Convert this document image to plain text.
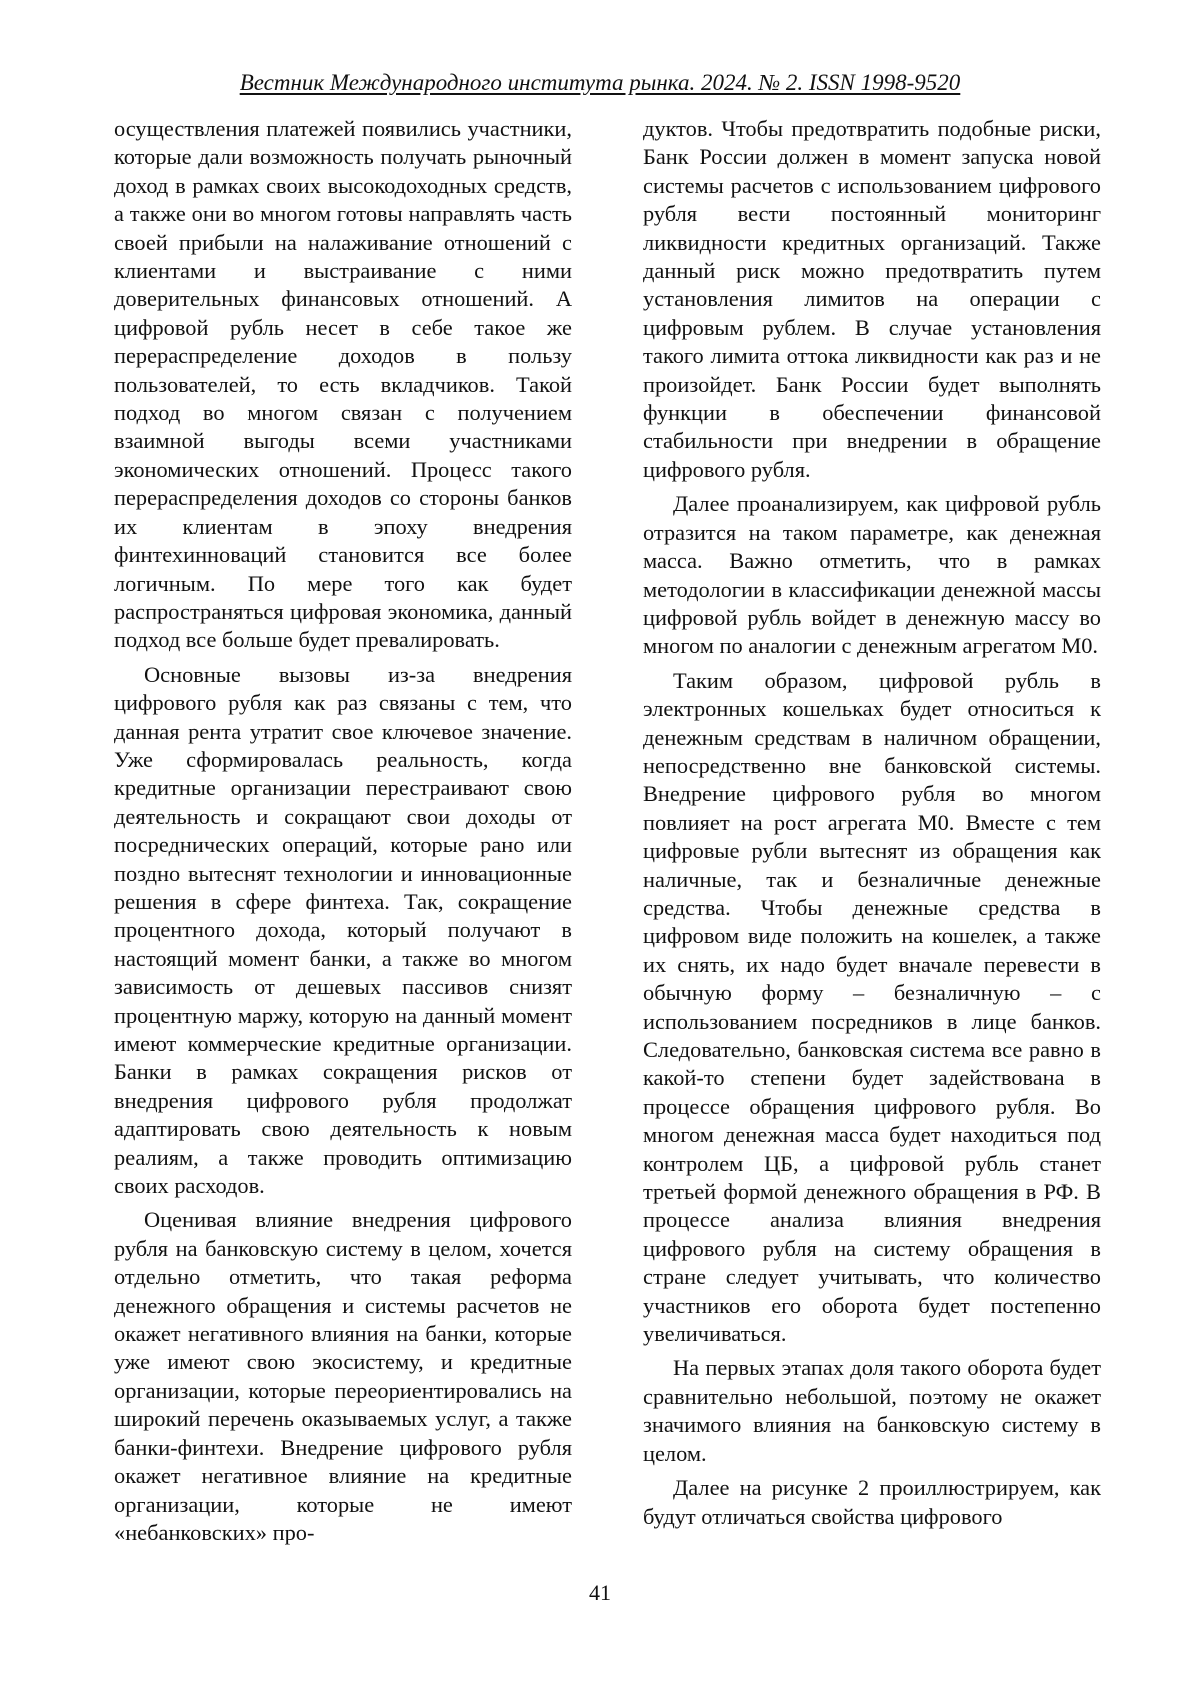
Вестник Международного института рынка. 2024. № 2. ISSN 1998-9520

осуществления платежей появились участники, которые дали возможность получать рыночный доход в рамках своих высокодоходных средств, а также они во многом готовы направлять часть своей прибыли на налаживание отношений с клиентами и выстраивание с ними доверительных финансовых отношений. А цифровой рубль несет в себе такое же перераспределение доходов в пользу пользователей, то есть вкладчиков. Такой подход во многом связан с получением взаимной выгоды всеми участниками экономических отношений. Процесс такого перераспределения доходов со стороны банков их клиентам в эпоху внедрения финтехинноваций становится все более логичным. По мере того как будет распространяться цифровая экономика, данный подход все больше будет превалировать.

Основные вызовы из-за внедрения цифрового рубля как раз связаны с тем, что данная рента утратит свое ключевое значение. Уже сформировалась реальность, когда кредитные организации перестраивают свою деятельность и сокращают свои доходы от посреднических операций, которые рано или поздно вытеснят технологии и инновационные решения в сфере финтеха. Так, сокращение процентного дохода, который получают в настоящий момент банки, а также во многом зависимость от дешевых пассивов снизят процентную маржу, которую на данный момент имеют коммерческие кредитные организации. Банки в рамках сокращения рисков от внедрения цифрового рубля продолжат адаптировать свою деятельность к новым реалиям, а также проводить оптимизацию своих расходов.

Оценивая влияние внедрения цифрового рубля на банковскую систему в целом, хочется отдельно отметить, что такая реформа денежного обращения и системы расчетов не окажет негативного влияния на банки, которые уже имеют свою экосистему, и кредитные организации, которые переориентировались на широкий перечень оказываемых услуг, а также банки-финтехи. Внедрение цифрового рубля окажет негативное влияние на кредитные организации, которые не имеют «небанковских» про-

дуктов. Чтобы предотвратить подобные риски, Банк России должен в момент запуска новой системы расчетов с использованием цифрового рубля вести постоянный мониторинг ликвидности кредитных организаций. Также данный риск можно предотвратить путем установления лимитов на операции с цифровым рублем. В случае установления такого лимита оттока ликвидности как раз и не произойдет. Банк России будет выполнять функции в обеспечении финансовой стабильности при внедрении в обращение цифрового рубля.

Далее проанализируем, как цифровой рубль отразится на таком параметре, как денежная масса. Важно отметить, что в рамках методологии в классификации денежной массы цифровой рубль войдет в денежную массу во многом по аналогии с денежным агрегатом М0.

Таким образом, цифровой рубль в электронных кошельках будет относиться к денежным средствам в наличном обращении, непосредственно вне банковской системы. Внедрение цифрового рубля во многом повлияет на рост агрегата М0. Вместе с тем цифровые рубли вытеснят из обращения как наличные, так и безналичные денежные средства. Чтобы денежные средства в цифровом виде положить на кошелек, а также их снять, их надо будет вначале перевести в обычную форму – безналичную – с использованием посредников в лице банков. Следовательно, банковская система все равно в какой-то степени будет задействована в процессе обращения цифрового рубля. Во многом денежная масса будет находиться под контролем ЦБ, а цифровой рубль станет третьей формой денежного обращения в РФ. В процессе анализа влияния внедрения цифрового рубля на систему обращения в стране следует учитывать, что количество участников его оборота будет постепенно увеличиваться.

На первых этапах доля такого оборота будет сравнительно небольшой, поэтому не окажет значимого влияния на банковскую систему в целом.

Далее на рисунке 2 проиллюстрируем, как будут отличаться свойства цифрового

41
